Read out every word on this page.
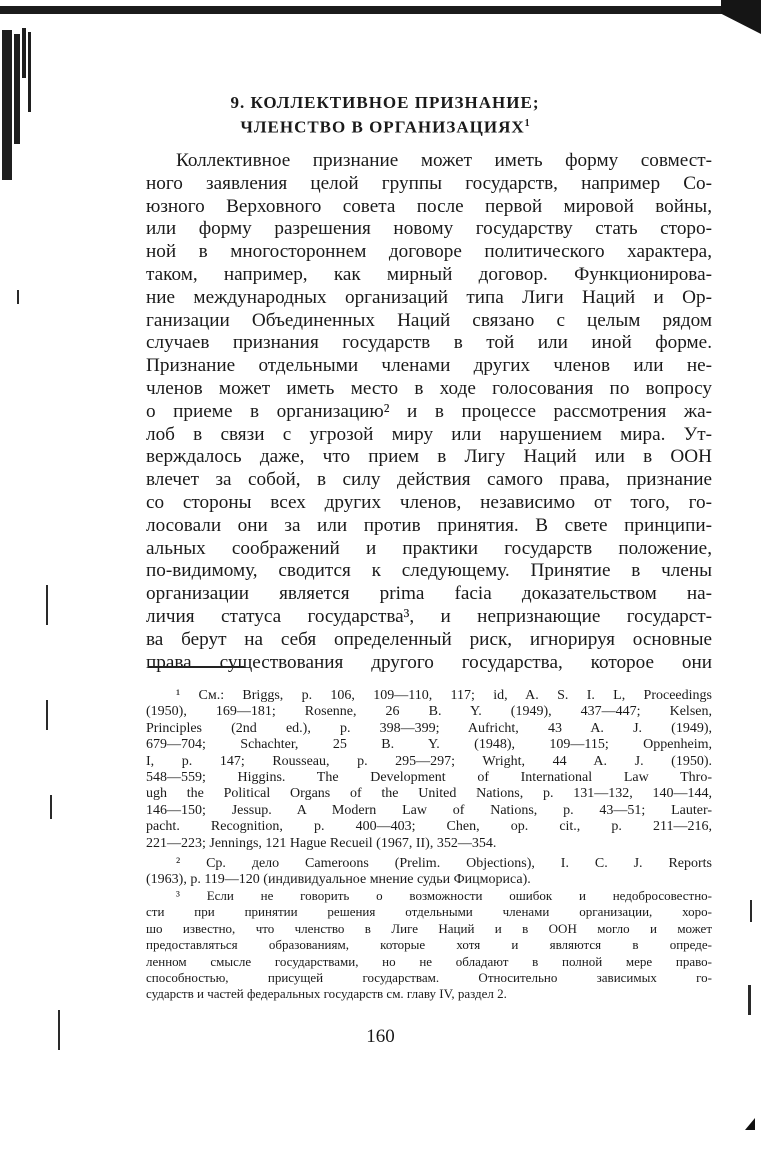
9. КОЛЛЕКТИВНОЕ ПРИЗНАНИЕ;
ЧЛЕНСТВО В ОРГАНИЗАЦИЯХ$^1$
Коллективное признание может иметь форму совмест-
ного заявления целой группы государств, например Со-
юзного Верховного совета после первой мировой войны,
или форму разрешения новому государству стать сторо-
ной в многостороннем договоре политического характера,
таком, например, как мирный договор. Функционирова-
ние международных организаций типа Лиги Наций и Ор-
ганизации Объединенных Наций связано с целым рядом
случаев признания государств в той или иной форме.
Признание отдельными членами других членов или не-
членов может иметь место в ходе голосования по вопросу
о приеме в организацию² и в процессе рассмотрения жа-
лоб в связи с угрозой миру или нарушением мира. Ут-
верждалось даже, что прием в Лигу Наций или в ООН
влечет за собой, в силу действия самого права, признание
со стороны всех других членов, независимо от того, го-
лосовали они за или против принятия. В свете принципи-
альных соображений и практики государств положение,
по-видимому, сводится к следующему. Принятие в члены
организации является prima facia доказательством на-
личия статуса государства³, и непризнающие государст-
ва берут на себя определенный риск, игнорируя основные
права существования другого государства, которое они
¹ См.: Briggs, p. 106, 109—110, 117; id, A. S. I. L, Proceedings
(1950), 169—181; Rosenne, 26 B. Y. (1949), 437—447; Kelsen,
Principles (2nd ed.), p. 398—399; Aufricht, 43 A. J. (1949),
679—704; Schachter, 25 B. Y. (1948), 109—115; Oppenheim,
I, p. 147; Rousseau, p. 295—297; Wright, 44 A. J. (1950).
548—559; Higgins. The Development of International Law Thro-
ugh the Political Organs of the United Nations, p. 131—132, 140—144,
146—150; Jessup. A Modern Law of Nations, p. 43—51; Lauter-
pacht. Recognition, p. 400—403; Chen, op. cit., p. 211—216,
221—223; Jennings, 121 Hague Recueil (1967, II), 352—354.
² Ср. дело Cameroons (Prelim. Objections), I. C. J. Reports
(1963), p. 119—120 (индивидуальное мнение судьи Фицмориса).
³ Если не говорить о возможности ошибок и недобросовестно-
сти при принятии решения отдельными членами организации, хоро-
шо известно, что членство в Лиге Наций и в ООН могло и может
предоставляться образованиям, которые хотя и являются в опреде-
ленном смысле государствами, но не обладают в полной мере право-
способностью, присущей государствам. Относительно зависимых го-
сударств и частей федеральных государств см. главу IV, раздел 2.
160
